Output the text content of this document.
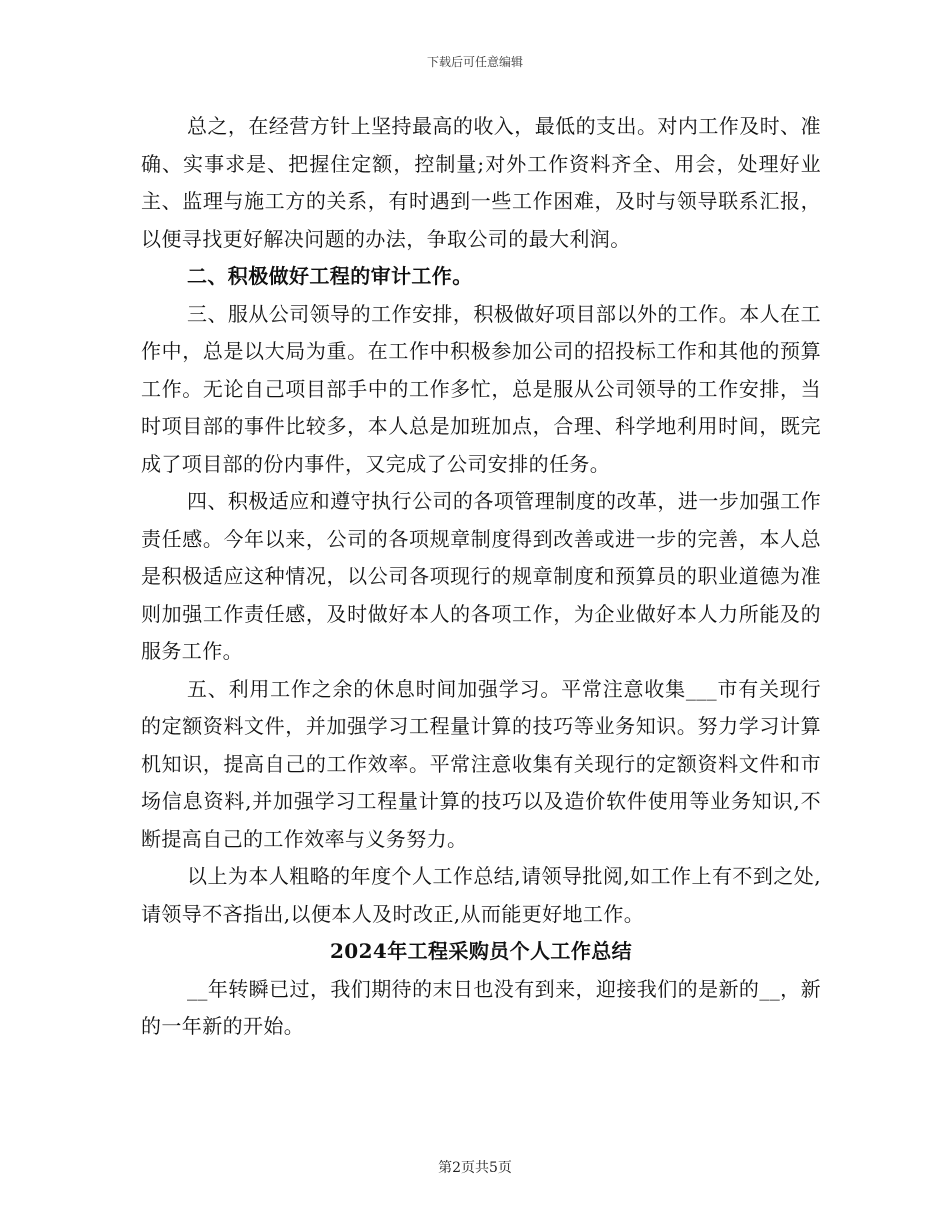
下载后可任意编辑

总之，在经营方针上坚持最高的收入，最低的支出。对内工作及时、准确、实事求是、把握住定额，控制量;对外工作资料齐全、用会，处理好业主、监理与施工方的关系，有时遇到一些工作困难，及时与领导联系汇报，以便寻找更好解决问题的办法，争取公司的最大利润。

二、积极做好工程的审计工作。

三、服从公司领导的工作安排，积极做好项目部以外的工作。本人在工作中，总是以大局为重。在工作中积极参加公司的招投标工作和其他的预算工作。无论自己项目部手中的工作多忙，总是服从公司领导的工作安排，当时项目部的事件比较多，本人总是加班加点，合理、科学地利用时间，既完成了项目部的份内事件，又完成了公司安排的任务。

四、积极适应和遵守执行公司的各项管理制度的改革，进一步加强工作责任感。今年以来，公司的各项规章制度得到改善或进一步的完善，本人总是积极适应这种情况，以公司各项现行的规章制度和预算员的职业道德为准则加强工作责任感，及时做好本人的各项工作，为企业做好本人力所能及的服务工作。

五、利用工作之余的休息时间加强学习。平常注意收集___市有关现行的定额资料文件，并加强学习工程量计算的技巧等业务知识。努力学习计算机知识，提高自己的工作效率。平常注意收集有关现行的定额资料文件和市场信息资料,并加强学习工程量计算的技巧以及造价软件使用等业务知识,不断提高自己的工作效率与义务努力。

以上为本人粗略的年度个人工作总结,请领导批阅,如工作上有不到之处,请领导不吝指出,以便本人及时改正,从而能更好地工作。

2024年工程采购员个人工作总结

__年转瞬已过，我们期待的末日也没有到来，迎接我们的是新的__，新的一年新的开始。

第2页共5页
